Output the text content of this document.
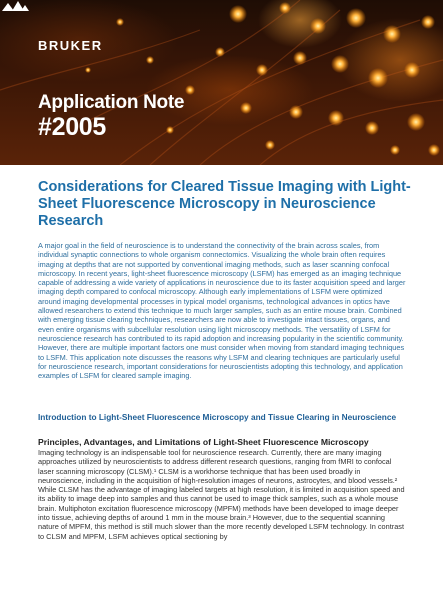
BRUKER
Application Note
#2005
Considerations for Cleared Tissue Imaging with Light-Sheet Fluorescence Microscopy in Neuroscience Research

A major goal in the field of neuroscience is to understand the connectivity of the brain across scales, from individual synaptic connections to whole organism connectomics. Visualizing the whole brain often requires imaging at depths that are not supported by conventional imaging methods, such as laser scanning confocal microscopy. In recent years, light-sheet fluorescence microscopy (LSFM) has emerged as an imaging technique capable of addressing a wide variety of applications in neuroscience due to its faster acquisition speed and larger imaging depth compared to confocal microscopy. Although early implementations of LSFM were optimized around imaging developmental processes in typical model organisms, technological advances in optics have allowed researchers to extend this technique to much larger samples, such as an entire mouse brain. Combined with emerging tissue clearing techniques, researchers are now able to investigate intact tissues, organs, and even entire organisms with subcellular resolution using light microscopy methods. The versatility of LSFM for neuroscience research has contributed to its rapid adoption and increasing popularity in the scientific community. However, there are multiple important factors one must consider when moving from standard imaging techniques to LSFM. This application note discusses the reasons why LSFM and clearing techniques are particularly useful for neuroscience research, important considerations for neuroscientists adopting this technology, and application examples of LSFM for cleared sample imaging.

Introduction to Light-Sheet Fluorescence Microscopy and Tissue Clearing in Neuroscience
Principles, Advantages, and Limitations of Light-Sheet Fluorescence Microscopy

Imaging technology is an indispensable tool for neuroscience research. Currently, there are many imaging approaches utilized by neuroscientists to address different research questions, ranging from fMRI to confocal laser scanning microscopy (CLSM).¹ CLSM is a workhorse technique that has been used broadly in neuroscience, including in the acquisition of high-resolution images of neurons, astrocytes, and blood vessels.² While CLSM has the advantage of imaging labeled targets at high resolution, it is limited in acquisition speed and its ability to image deep into samples and thus cannot be used to image thick samples, such as a whole mouse brain. Multiphoton excitation fluorescence microscopy (MPFM) methods have been developed to image deeper into tissue, achieving depths of around 1 mm in the mouse brain.³ However, due to the sequential scanning nature of MPFM, this method is still much slower than the more recently developed LSFM technology. In contrast to CLSM and MPFM, LSFM achieves optical sectioning by
